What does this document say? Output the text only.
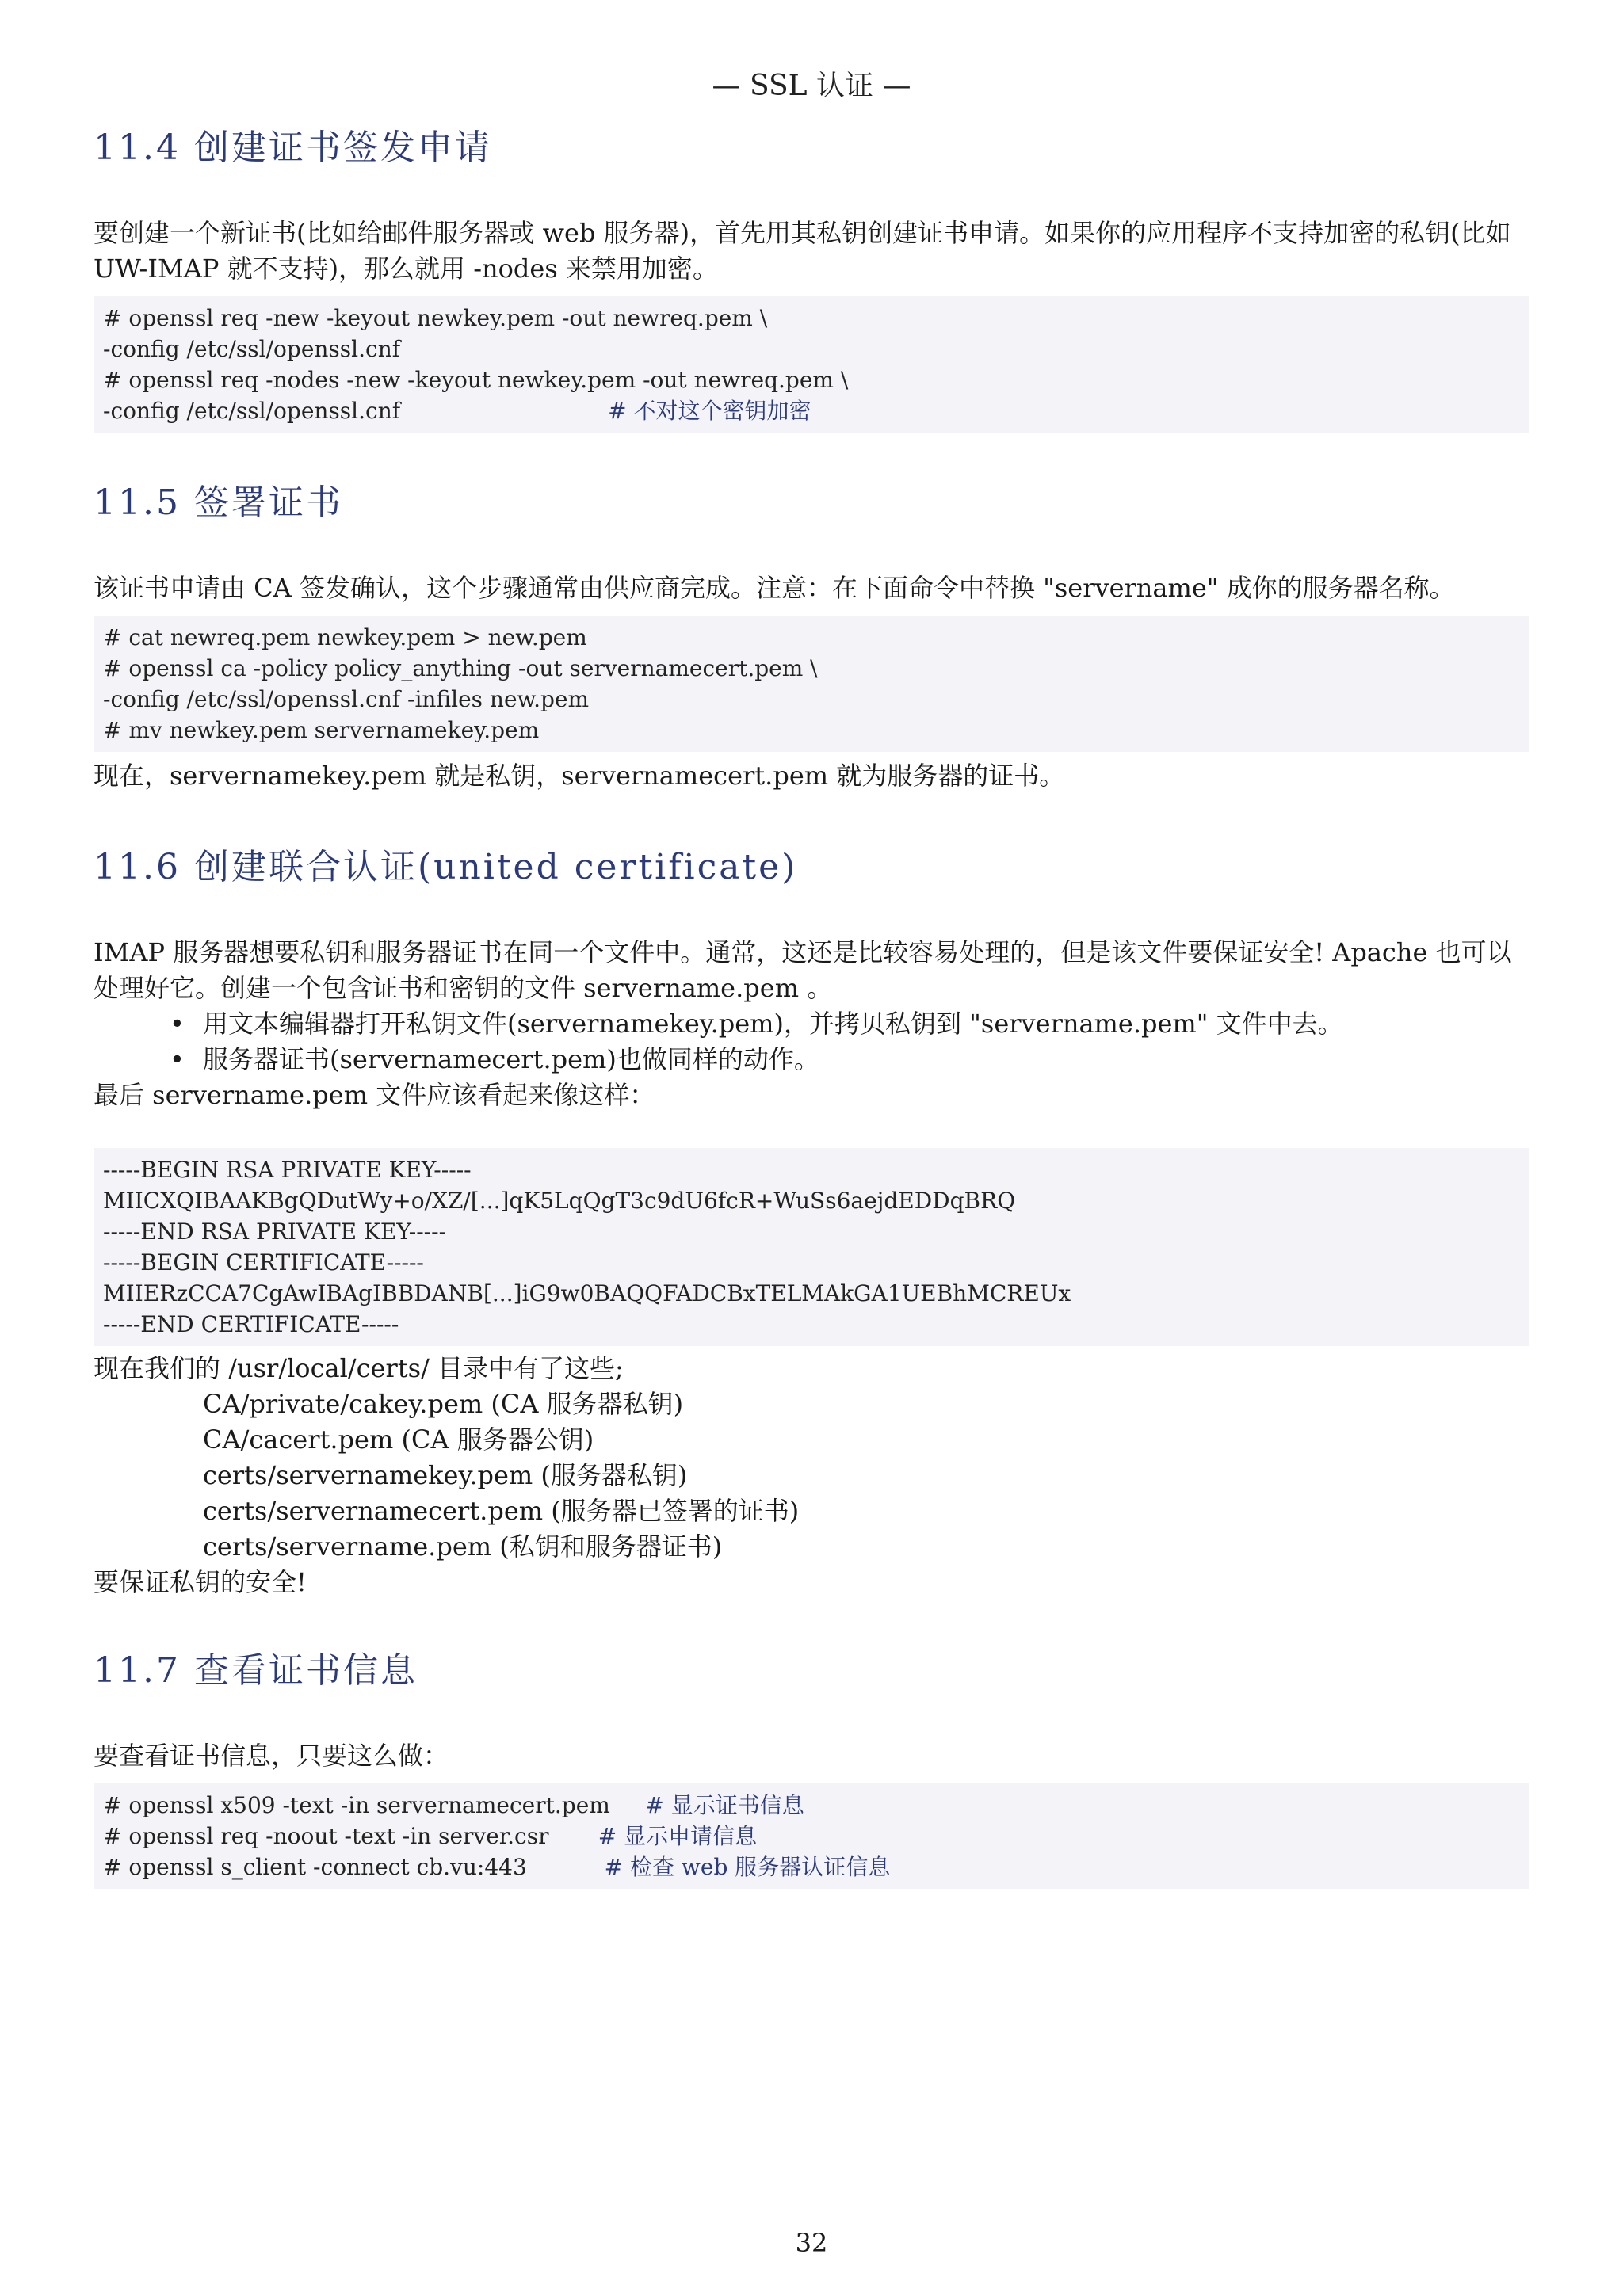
— SSL 认证 —
11.4 创建证书签发申请

要创建一个新证书(比如给邮件服务器或 web 服务器)，首先用其私钥创建证书申请。如果你的应用程序不支持加密的私钥(比如 UW-IMAP 就不支持)，那么就用 -nodes 来禁用加密。

# openssl req -new -keyout newkey.pem -out newreq.pem \
-config /etc/ssl/openssl.cnf
# openssl req -nodes -new -keyout newkey.pem -out newreq.pem \
-config /etc/ssl/openssl.cnf	# 不对这个密钥加密
11.5 签署证书

该证书申请由 CA 签发确认，这个步骤通常由供应商完成。注意：在下面命令中替换 "servername" 成你的服务器名称。

# cat newreq.pem newkey.pem > new.pem
# openssl ca -policy policy_anything -out servernamecert.pem \
-config /etc/ssl/openssl.cnf -infiles new.pem
# mv newkey.pem servernamekey.pem

现在，servernamekey.pem 就是私钥，servernamecert.pem 就为服务器的证书。

11.6 创建联合认证(united certificate)

IMAP 服务器想要私钥和服务器证书在同一个文件中。通常，这还是比较容易处理的，但是该文件要保证安全! Apache 也可以处理好它。创建一个包含证书和密钥的文件 servername.pem 。

• 用文本编辑器打开私钥文件(servernamekey.pem)，并拷贝私钥到 "servername.pem" 文件中去。
• 服务器证书(servernamecert.pem)也做同样的动作。

最后 servername.pem 文件应该看起来像这样：

-----BEGIN RSA PRIVATE KEY-----
MIICXQIBAAKBgQDutWy+o/XZ/[...]qK5LqQgT3c9dU6fcR+WuSs6aejdEDDqBRQ
-----END RSA PRIVATE KEY-----
-----BEGIN CERTIFICATE-----
MIIERzCCA7CgAwIBAgIBBDANB[...]iG9w0BAQQFADCBxTELMAkGA1UEBhMCREUx
-----END CERTIFICATE-----

现在我们的 /usr/local/certs/ 目录中有了这些;

CA/private/cakey.pem (CA 服务器私钥)

CA/cacert.pem (CA 服务器公钥)

certs/servernamekey.pem (服务器私钥)

certs/servernamecert.pem (服务器已签署的证书)

certs/servername.pem (私钥和服务器证书)

要保证私钥的安全!

11.7 查看证书信息

要查看证书信息，只要这么做：

# openssl x509 -text -in servernamecert.pem     # 显示证书信息
# openssl req -noout -text -in server.csr       # 显示申请信息
# openssl s_client -connect cb.vu:443           # 检查 web 服务器认证信息
32
